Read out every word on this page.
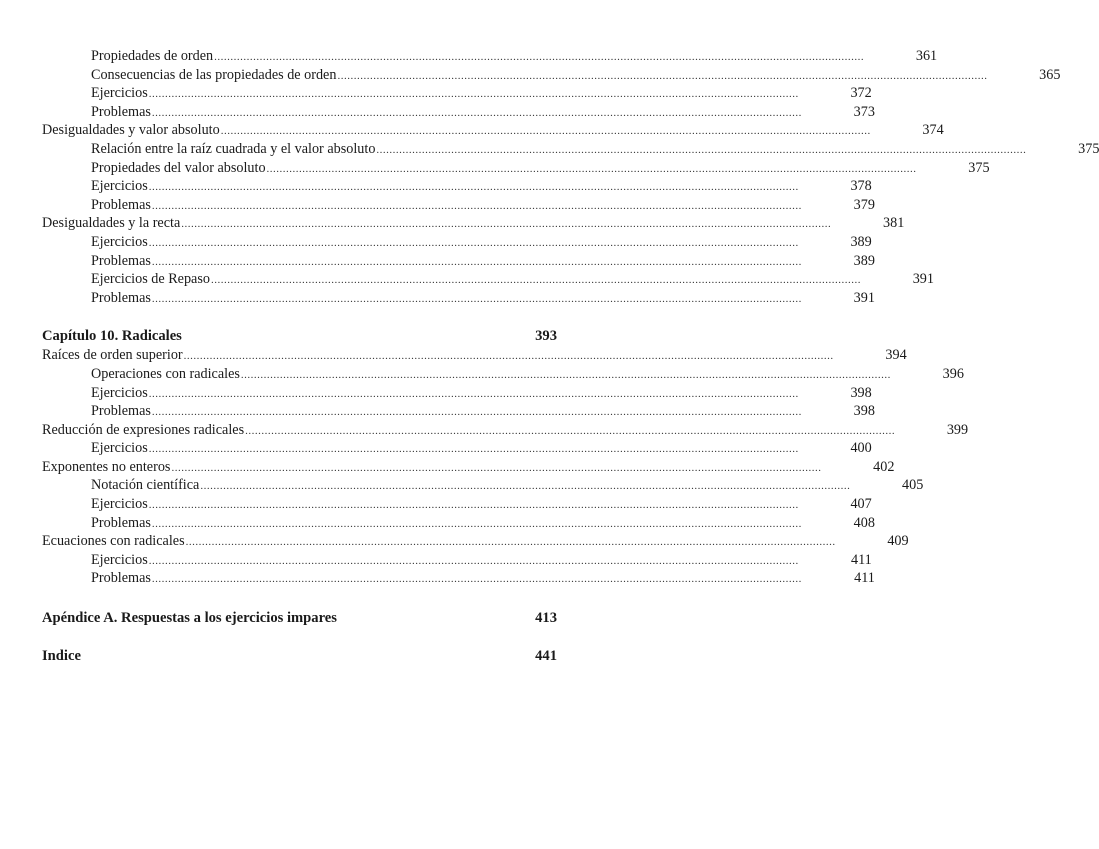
Propiedades de orden ........................................................................................................................................................................................................	361
Consecuencias de las propiedades de orden ........................................................................................................................................................................................................	365
Ejercicios ........................................................................................................................................................................................................	372
Problemas ........................................................................................................................................................................................................	373
Desigualdades y valor absoluto ........................................................................................................................................................................................................	374
Relación entre la raíz cuadrada y el valor absoluto ........................................................................................................................................................................................................	375
Propiedades del valor absoluto ........................................................................................................................................................................................................	375
Ejercicios ........................................................................................................................................................................................................	378
Problemas ........................................................................................................................................................................................................	379
Desigualdades y la recta ........................................................................................................................................................................................................	381
Ejercicios ........................................................................................................................................................................................................	389
Problemas ........................................................................................................................................................................................................	389
Ejercicios de Repaso ........................................................................................................................................................................................................	391
Problemas ........................................................................................................................................................................................................	391
Capítulo 10. Radicales	393
Raíces de orden superior ........................................................................................................................................................................................................	394
Operaciones con radicales ........................................................................................................................................................................................................	396
Ejercicios ........................................................................................................................................................................................................	398
Problemas ........................................................................................................................................................................................................	398
Reducción de expresiones radicales ........................................................................................................................................................................................................	399
Ejercicios ........................................................................................................................................................................................................	400
Exponentes no enteros ........................................................................................................................................................................................................	402
Notación científica ........................................................................................................................................................................................................	405
Ejercicios ........................................................................................................................................................................................................	407
Problemas ........................................................................................................................................................................................................	408
Ecuaciones con radicales ........................................................................................................................................................................................................	409
Ejercicios ........................................................................................................................................................................................................	411
Problemas ........................................................................................................................................................................................................	411
Apéndice A. Respuestas a los ejercicios impares	413
Indice	441
